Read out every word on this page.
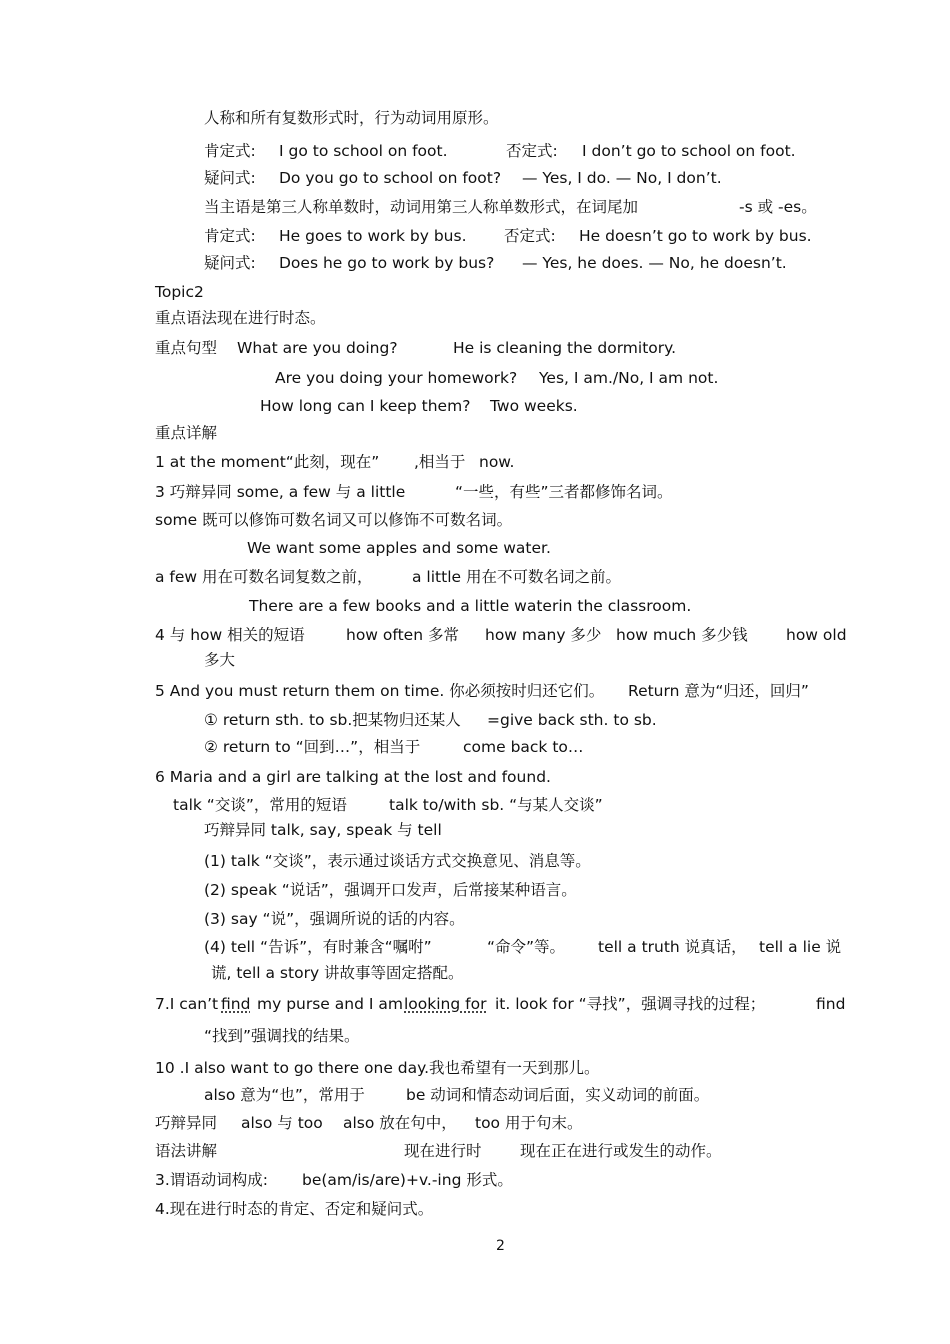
人称和所有复数形式时，行为动词用原形。
肯定式: I go to school on foot.	否定式: I don’t go to school on foot.
疑问式: Do you go to school on foot? — Yes, I do. — No, I don’t.
当主语是第三人称单数时，动词用第三人称单数形式，在词尾加	-s 或 -es。
肯定式: He goes to work by bus. 否定式: He doesn’t go to work by bus.
疑问式: Does he go to work by bus? — Yes, he does. — No, he doesn’t.
Topic2
重点语法现在进行时态。
重点句型 What are you doing?	He is cleaning the dormitory.
Are you doing your homework? Yes, I am./No, I am not.
How long can I keep them? Two weeks.
重点详解
1 at the moment“此刻，现在” ,相当于 now.
3 巧辩异同 some, a few 与 a little	“一些，有些”三者都修饰名词。
some 既可以修饰可数名词又可以修饰不可数名词。
We want some apples and some water.
a few 用在可数名词复数之前，	a little 用在不可数名词之前。
There are a few books and a little waterin the classroom.
4 与 how 相关的短语	how often 多常 how many 多少 how much 多少钱 how old
多大
5 And you must return them on time. 你必须按时归还它们。 Return 意为“归还，回归”
① return sth. to sb.把某物归还某人 =give back sth. to sb.
② return to “回到…”，相当于	come back to…
6 Maria and a girl are talking at the lost and found.
talk “交谈”，常用的短语	talk to/with sb. “与某人交谈”
巧辩异同 talk, say, speak 与 tell
(1) talk “交谈”，表示通过谈话方式交换意见、消息等。
(2) speak “说话”，强调开口发声，后常接某种语言。
(3) say “说”，强调所说的话的内容。
(4) tell “告诉”，有时兼含“嘱咐”	“命令”等。 tell a truth 说真话， tell a lie 说
谎, tell a story 讲故事等固定搭配。
7.I can’t find my purse and I am looking for it. look for “寻找”，强调寻找的过程；	find
“找到”强调找的结果。
10 .I also want to go there one day.我也希望有一天到那儿。
also 意为“也”，常用于	be 动词和情态动词后面，实义动词的前面。
巧辩异同 also 与 too also 放在句中， too 用于句末。
语法讲解	现在进行时 现在正在进行或发生的动作。
3.谓语动词构成: be(am/is/are)+v.-ing 形式。
4.现在进行时态的肯定、否定和疑问式。
2
